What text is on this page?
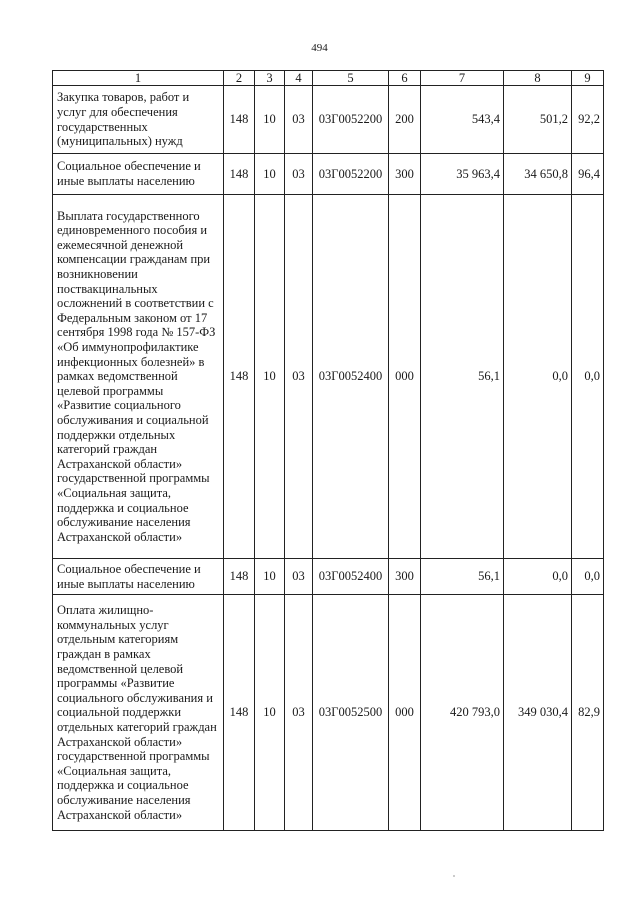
494
1	2	3	4	5	6	7	8	9
Закупка товаров, работ и услуг для обеспечения государственных (муниципальных) нужд	148	10	03	03Г0052200	200	543,4	501,2	92,2
Социальное обеспечение и иные выплаты населению	148	10	03	03Г0052200	300	35 963,4	34 650,8	96,4
Выплата государственного единовременного пособия и ежемесячной денежной компенсации гражданам при возникновении поствакцинальных осложнений в соответствии с Федеральным законом от 17 сентября 1998 года № 157-ФЗ «Об иммунопрофилактике инфекционных болезней» в рамках ведомственной целевой программы «Развитие социального обслуживания и социальной поддержки отдельных категорий граждан Астраханской области» государственной программы «Социальная защита, поддержка и социальное обслуживание населения Астраханской области»	148	10	03	03Г0052400	000	56,1	0,0	0,0
Социальное обеспечение и иные выплаты населению	148	10	03	03Г0052400	300	56,1	0,0	0,0
Оплата жилищно-коммунальных услуг отдельным категориям граждан в рамках ведомственной целевой программы «Развитие социального обслуживания и социальной поддержки отдельных категорий граждан Астраханской области» государственной программы «Социальная защита, поддержка и социальное обслуживание населения Астраханской области»	148	10	03	03Г0052500	000	420 793,0	349 030,4	82,9
